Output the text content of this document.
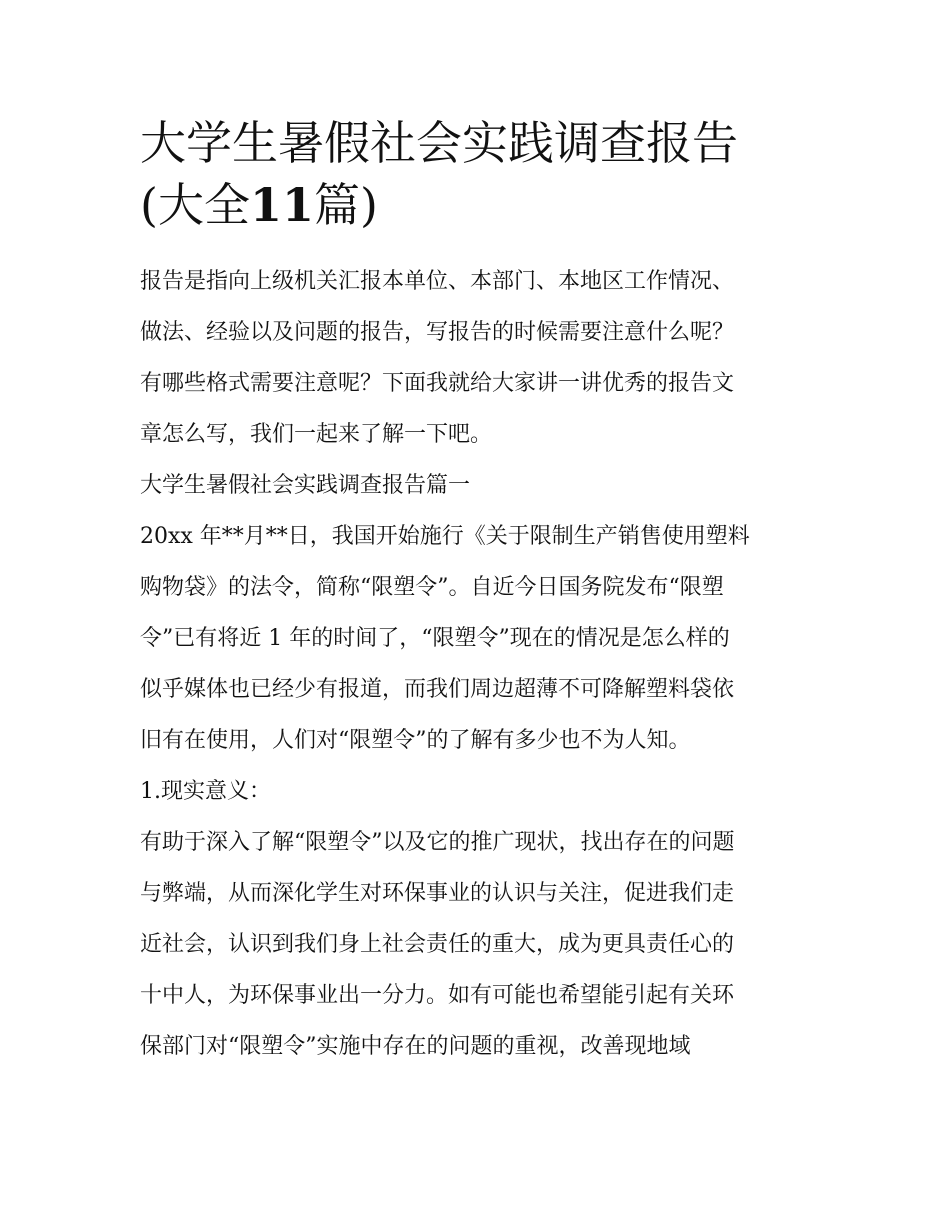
大学生暑假社会实践调查报告
(大全11篇)

报告是指向上级机关汇报本单位、本部门、本地区工作情况、
做法、经验以及问题的报告，写报告的时候需要注意什么呢？
有哪些格式需要注意呢？下面我就给大家讲一讲优秀的报告文
章怎么写，我们一起来了解一下吧。

大学生暑假社会实践调查报告篇一

20xx 年**月**日，我国开始施行《关于限制生产销售使用塑料
购物袋》的法令，简称“限塑令”。自近今日国务院发布“限塑
令”已有将近 1 年的时间了，“限塑令”现在的情况是怎么样的
似乎媒体也已经少有报道，而我们周边超薄不可降解塑料袋依
旧有在使用，人们对“限塑令”的了解有多少也不为人知。

1.现实意义：

有助于深入了解“限塑令”以及它的推广现状，找出存在的问题
与弊端，从而深化学生对环保事业的认识与关注，促进我们走
近社会，认识到我们身上社会责任的重大，成为更具责任心的
十中人，为环保事业出一分力。如有可能也希望能引起有关环
保部门对“限塑令”实施中存在的问题的重视，改善现地域
